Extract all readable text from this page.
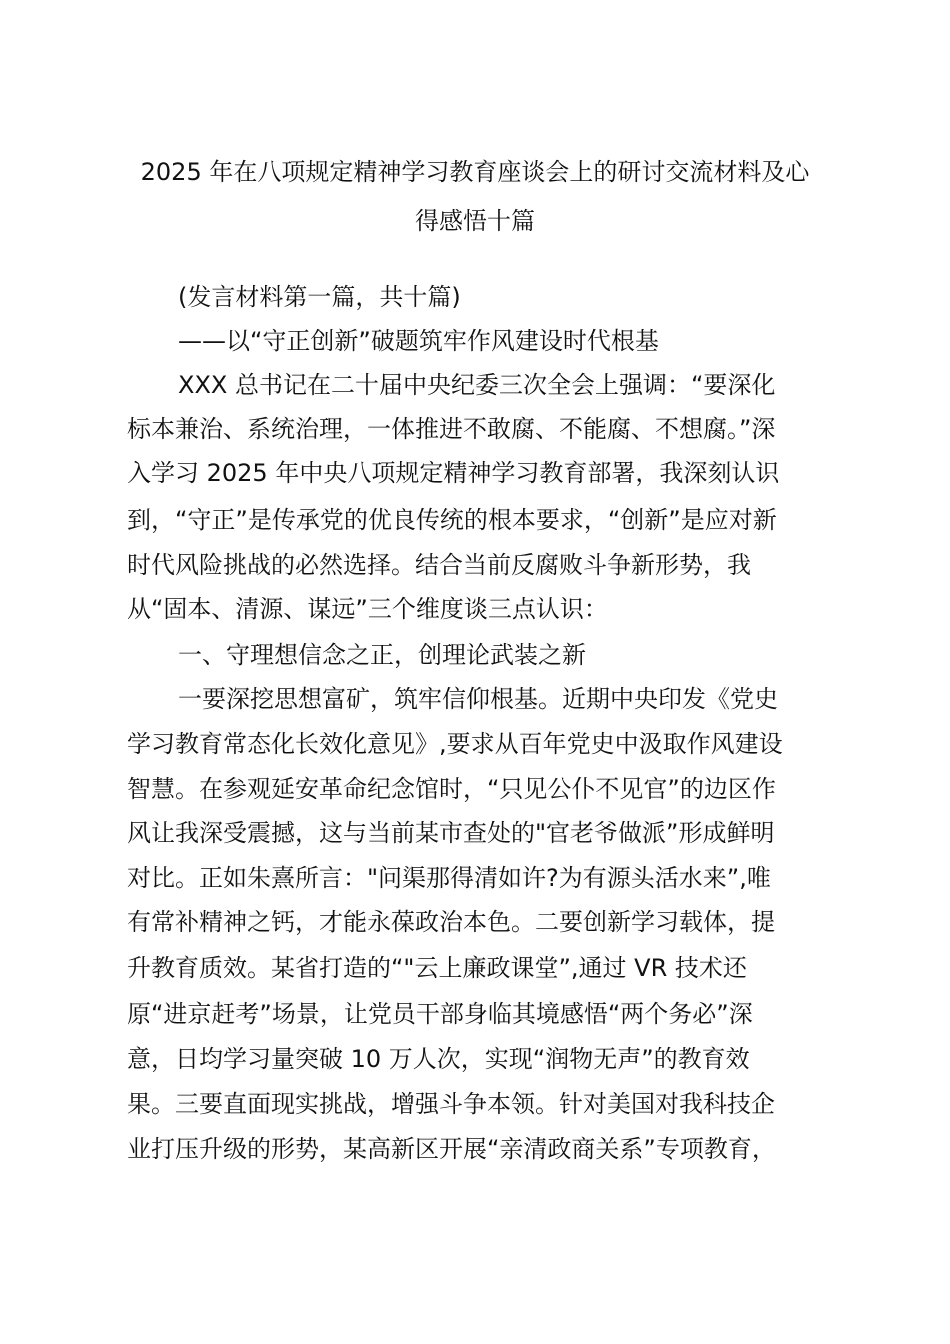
2025 年在八项规定精神学习教育座谈会上的研讨交流材料及心
得感悟十篇
(发言材料第一篇，共十篇)
——以“守正创新”破题筑牢作风建设时代根基
XXX 总书记在二十届中央纪委三次全会上强调：“要深化
标本兼治、系统治理，一体推进不敢腐、不能腐、不想腐。”深
入学习 2025 年中央八项规定精神学习教育部署，我深刻认识
到，“守正”是传承党的优良传统的根本要求，“创新”是应对新
时代风险挑战的必然选择。结合当前反腐败斗争新形势，我
从“固本、清源、谋远”三个维度谈三点认识：
一、守理想信念之正，创理论武装之新
一要深挖思想富矿，筑牢信仰根基。近期中央印发《党史
学习教育常态化长效化意见》,要求从百年党史中汲取作风建设
智慧。在参观延安革命纪念馆时，“只见公仆不见官”的边区作
风让我深受震撼，这与当前某市查处的"官老爷做派”形成鲜明
对比。正如朱熹所言："问渠那得清如许?为有源头活水来”,唯
有常补精神之钙，才能永葆政治本色。二要创新学习载体，提
升教育质效。某省打造的“"云上廉政课堂”,通过 VR 技术还
原“进京赶考”场景，让党员干部身临其境感悟“两个务必”深
意，日均学习量突破 10 万人次，实现“润物无声”的教育效
果。三要直面现实挑战，增强斗争本领。针对美国对我科技企
业打压升级的形势，某高新区开展“亲清政商关系”专项教育，
